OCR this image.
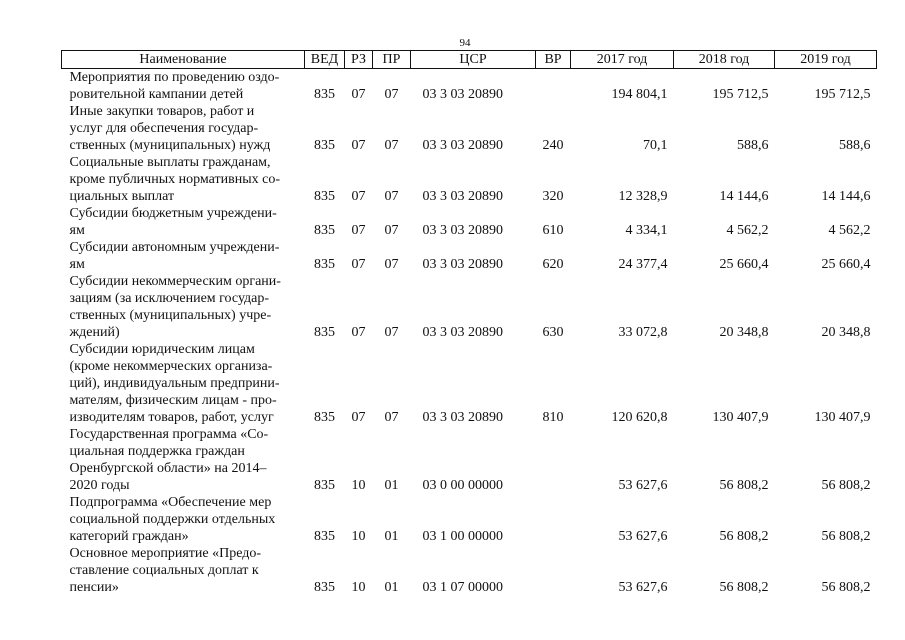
94
Наименование	ВЕД	РЗ	ПР	ЦСР	ВР	2017 год	2018 год	2019 год

Мероприятия по проведению оздо-
ровительной кампании детей	835	07	07	03 3 03 20890		194 804,1	195 712,5	195 712,5

Иные закупки товаров, работ и
услуг для обеспечения государ-
ственных (муниципальных) нужд	835	07	07	03 3 03 20890	240	70,1	588,6	588,6

Социальные выплаты гражданам,
кроме публичных нормативных со-
циальных выплат	835	07	07	03 3 03 20890	320	12 328,9	14 144,6	14 144,6

Субсидии бюджетным учреждени-
ям	835	07	07	03 3 03 20890	610	4 334,1	4 562,2	4 562,2

Субсидии автономным учреждени-
ям	835	07	07	03 3 03 20890	620	24 377,4	25 660,4	25 660,4

Субсидии некоммерческим органи-
зациям (за исключением государ-
ственных (муниципальных) учре-
ждений)	835	07	07	03 3 03 20890	630	33 072,8	20 348,8	20 348,8

Субсидии юридическим лицам
(кроме некоммерческих организа-
ций), индивидуальным предприни-
мателям, физическим лицам - про-
изводителям товаров, работ, услуг	835	07	07	03 3 03 20890	810	120 620,8	130 407,9	130 407,9

Государственная программа «Со-
циальная поддержка граждан
Оренбургской области» на 2014–
2020 годы	835	10	01	03 0 00 00000		53 627,6	56 808,2	56 808,2

Подпрограмма «Обеспечение мер
социальной поддержки отдельных
категорий граждан»	835	10	01	03 1 00 00000		53 627,6	56 808,2	56 808,2

Основное мероприятие «Предо-
ставление социальных доплат к
пенсии»	835	10	01	03 1 07 00000		53 627,6	56 808,2	56 808,2
